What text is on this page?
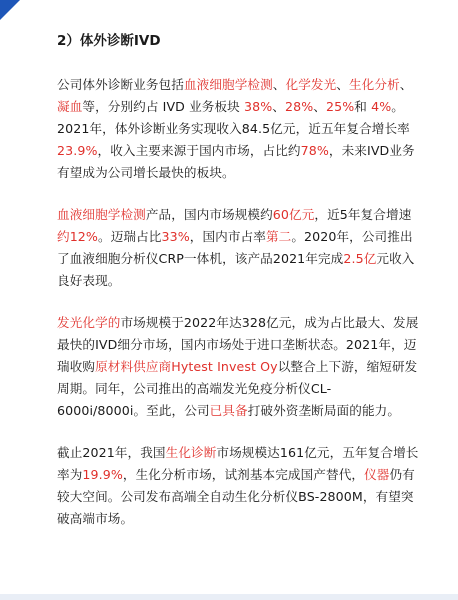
2）体外诊断IVD

公司体外诊断业务包括血液细胞学检测、化学发光、生化分析、凝血等，分别约占 IVD 业务板块 38%、28%、25%和 4%。2021年，体外诊断业务实现收入84.5亿元，近五年复合增长率23.9%，收入主要来源于国内市场，占比约78%，未来IVD业务有望成为公司增长最快的板块。

血液细胞学检测产品，国内市场规模约60亿元，近5年复合增速约12%。迈瑞占比33%，国内市占率第二。2020年，公司推出了血液细胞分析仪CRP一体机，该产品2021年完成2.5亿元收入良好表现。

发光化学的市场规模于2022年达328亿元，成为占比最大、发展最快的IVD细分市场，国内市场处于进口垄断状态。2021年，迈瑞收购原材料供应商Hytest Invest Oy以整合上下游，缩短研发周期。同年，公司推出的高端发光免疫分析仪CL-6000i/8000i。至此，公司已具备打破外资垄断局面的能力。

截止2021年，我国生化诊断市场规模达161亿元，五年复合增长率为19.9%，生化分析市场，试剂基本完成国产替代，仪器仍有较大空间。公司发布高端全自动生化分析仪BS-2800M，有望突破高端市场。
